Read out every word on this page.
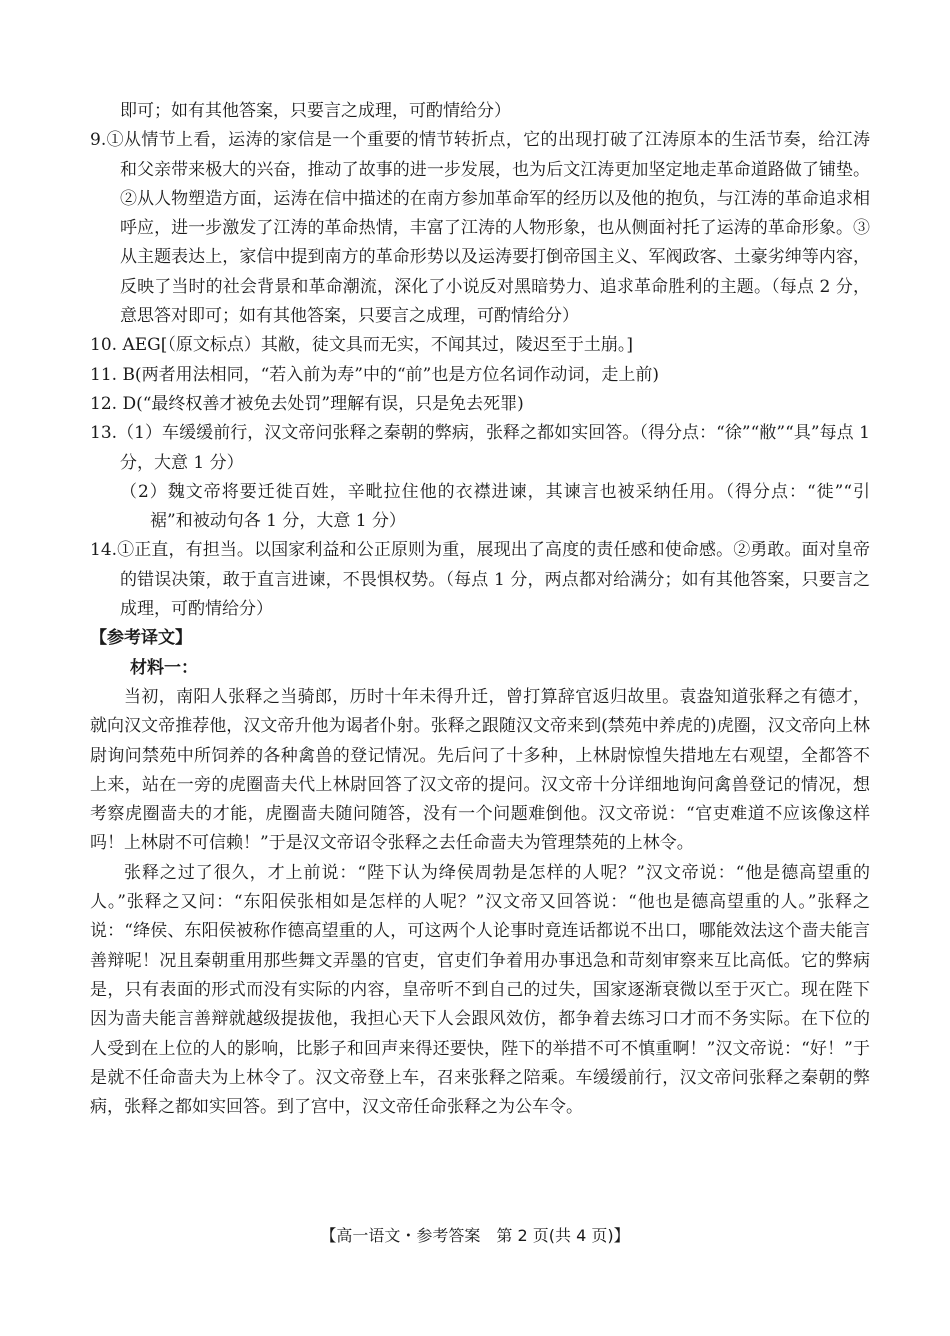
即可；如有其他答案，只要言之成理，可酌情给分）

9.①从情节上看，运涛的家信是一个重要的情节转折点，它的出现打破了江涛原本的生活节奏，给江涛和父亲带来极大的兴奋，推动了故事的进一步发展，也为后文江涛更加坚定地走革命道路做了铺垫。②从人物塑造方面，运涛在信中描述的在南方参加革命军的经历以及他的抱负，与江涛的革命追求相呼应，进一步激发了江涛的革命热情，丰富了江涛的人物形象，也从侧面衬托了运涛的革命形象。③从主题表达上，家信中提到南方的革命形势以及运涛要打倒帝国主义、军阀政客、土豪劣绅等内容，反映了当时的社会背景和革命潮流，深化了小说反对黑暗势力、追求革命胜利的主题。（每点 2 分，意思答对即可；如有其他答案，只要言之成理，可酌情给分）

10. AEG[（原文标点）其敝，徒文具而无实，不闻其过，陵迟至于土崩。]

11. B(两者用法相同，“若入前为寿”中的“前”也是方位名词作动词，走上前)

12. D(“最终权善才被免去处罚”理解有误，只是免去死罪)

13.（1）车缓缓前行，汉文帝问张释之秦朝的弊病，张释之都如实回答。（得分点：“徐”“敝”“具”每点 1 分，大意 1 分）

（2）魏文帝将要迁徙百姓，辛毗拉住他的衣襟进谏，其谏言也被采纳任用。（得分点：“徙”“引裾”和被动句各 1 分，大意 1 分）

14.①正直，有担当。以国家利益和公正原则为重，展现出了高度的责任感和使命感。②勇敢。面对皇帝的错误决策，敢于直言进谏，不畏惧权势。（每点 1 分，两点都对给满分；如有其他答案，只要言之成理，可酌情给分）

【参考译文】

材料一：

当初，南阳人张释之当骑郎，历时十年未得升迁，曾打算辞官返归故里。袁盎知道张释之有德才，就向汉文帝推荐他，汉文帝升他为谒者仆射。张释之跟随汉文帝来到(禁苑中养虎的)虎圈，汉文帝向上林尉询问禁苑中所饲养的各种禽兽的登记情况。先后问了十多种，上林尉惊惶失措地左右观望，全都答不上来，站在一旁的虎圈啬夫代上林尉回答了汉文帝的提问。汉文帝十分详细地询问禽兽登记的情况，想考察虎圈啬夫的才能，虎圈啬夫随问随答，没有一个问题难倒他。汉文帝说：“官吏难道不应该像这样吗！上林尉不可信赖！”于是汉文帝诏令张释之去任命啬夫为管理禁苑的上林令。

张释之过了很久，才上前说：“陛下认为绛侯周勃是怎样的人呢？”汉文帝说：“他是德高望重的人。”张释之又问：“东阳侯张相如是怎样的人呢？”汉文帝又回答说：“他也是德高望重的人。”张释之说：“绛侯、东阳侯被称作德高望重的人，可这两个人论事时竟连话都说不出口，哪能效法这个啬夫能言善辩呢！况且秦朝重用那些舞文弄墨的官吏，官吏们争着用办事迅急和苛刻审察来互比高低。它的弊病是，只有表面的形式而没有实际的内容，皇帝听不到自己的过失，国家逐渐衰微以至于灭亡。现在陛下因为啬夫能言善辩就越级提拔他，我担心天下人会跟风效仿，都争着去练习口才而不务实际。在下位的人受到在上位的人的影响，比影子和回声来得还要快，陛下的举措不可不慎重啊！”汉文帝说：“好！”于是就不任命啬夫为上林令了。汉文帝登上车，召来张释之陪乘。车缓缓前行，汉文帝问张释之秦朝的弊病，张释之都如实回答。到了宫中，汉文帝任命张释之为公车令。

【高一语文・参考答案　第 2 页(共 4 页)】
